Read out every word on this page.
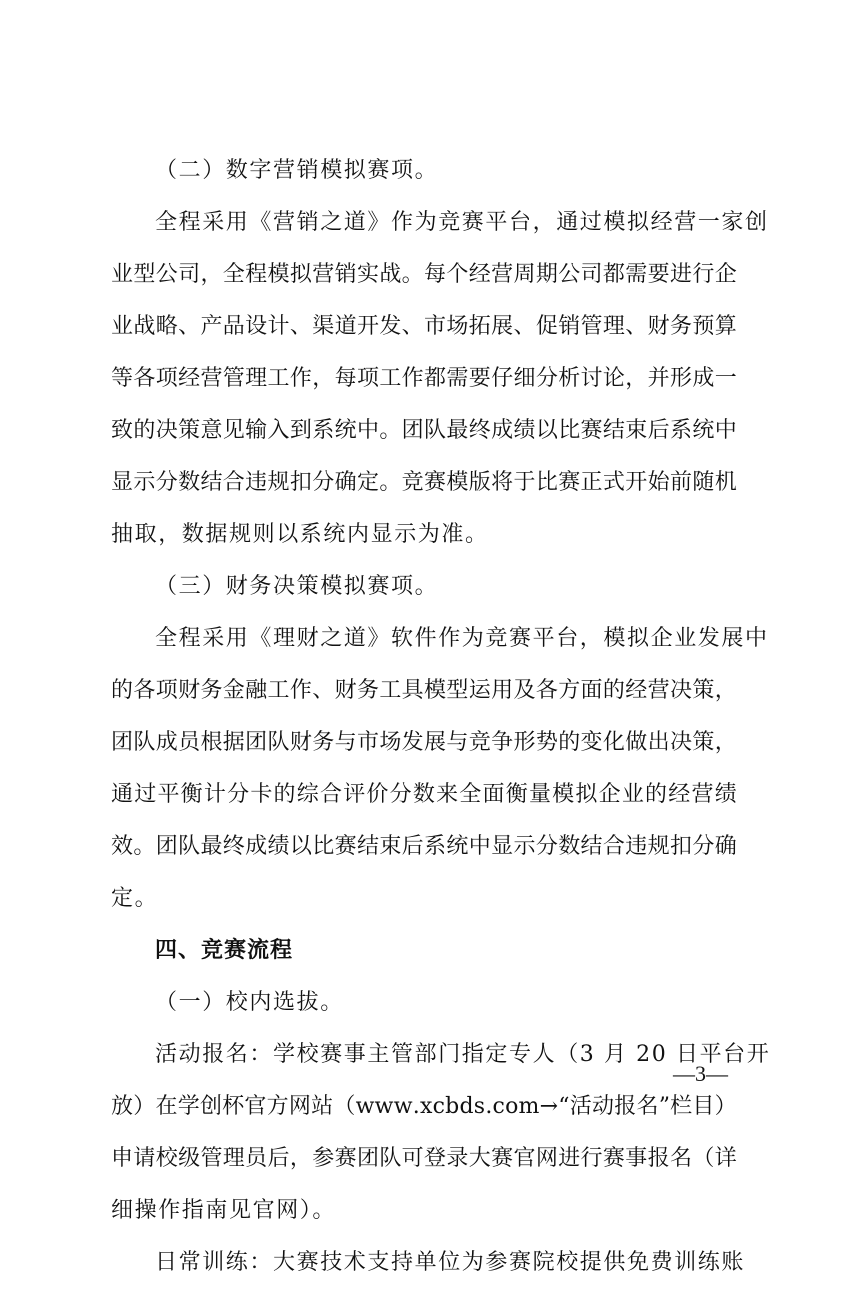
（二）数字营销模拟赛项。

全程采用《营销之道》作为竞赛平台，通过模拟经营一家创

业 型 公 司 ， 全 程 模 拟 营 销 实 战 。 每 个 经 营 周 期 公 司 都 需 要 进 行 企

业 战 略 、 产 品 设 计 、 渠 道 开 发 、 市 场 拓 展 、 促 销 管 理 、 财 务 预 算

等 各 项 经 营 管 理 工 作 ， 每 项 工 作 都 需 要 仔 细 分 析 讨 论 ， 并 形 成 一

致 的 决 策 意 见 输 入 到 系 统 中 。 团 队 最 终 成 绩 以 比 赛 结 束 后 系 统 中

显 示 分 数 结 合 违 规 扣 分 确 定 。 竞 赛 模 版 将 于 比 赛 正 式 开 始 前 随 机

抽取，数据规则以系统内显示为准。

（三）财务决策模拟赛项。

全程采用《理财之道》软件作为竞赛平台，模拟企业发展中

的 各 项 财 务 金 融 工 作 、 财 务 工 具 模 型 运 用 及 各 方 面 的 经 营 决 策 ，

团 队 成 员 根 据 团 队 财 务 与 市 场 发 展 与 竞 争 形 势 的 变 化 做 出 决 策 ，

通 过 平 衡 计 分 卡 的 综 合 评 价 分 数 来 全 面 衡 量 模 拟 企 业 的 经 营 绩

效 。 团 队 最 终 成 绩 以 比 赛 结 束 后 系 统 中 显 示 分 数 结 合 违 规 扣 分 确

定。

四、竞赛流程

（一）校内选拔。

活动报名：学校赛事主管部门指定专人（3 月 20 日平台开

放 ） 在 学 创 杯 官 方 网 站 （ w w w . x c b d s . c o m → “ 活 动 报 名 ” 栏 目 ）

申 请 校 级 管 理 员 后 ， 参 赛 团 队 可 登 录 大 赛 官 网 进 行 赛 事 报 名 （ 详

细操作指南见官网）。

日常训练：大赛技术支持单位为参赛院校提供免费训练账

—3—
